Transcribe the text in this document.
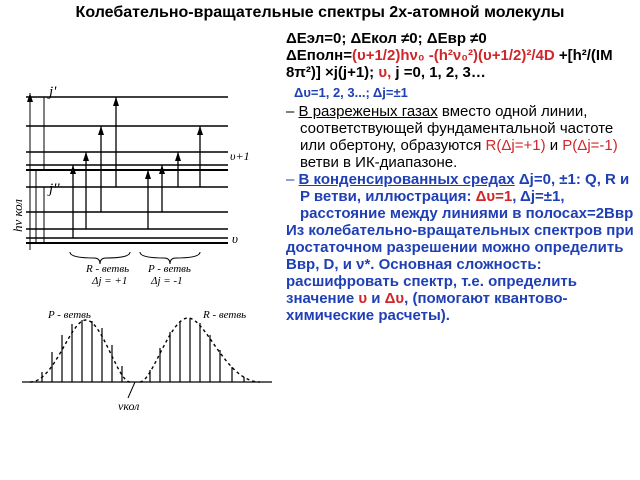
Колебательно-вращательные спектры 2х-атомной молекулы
j'
j''
hν кол
υ+1
υ
R - ветвь P - ветвь
Δj = +1 Δj = -1
P - ветвь	R - ветвь
νкол

ΔEэл=0; ΔEкол ≠0; ΔEвр ≠0

ΔEполн=(υ+1/2)hν₀ -(h²ν₀²)(υ+1/2)²/4D +[h²/(IM 8π²)] ×j(j+1); υ, j =0, 1, 2, 3…

Δυ=1, 2, 3...; Δj=±1

– В разреженых газах вместо одной линии, соответствующей фундаментальной частоте или обертону, образуются R(Δj=+1) и P(Δj=-1) ветви в ИК-диапазоне.

– В конденсированных средах Δj=0, ±1: Q, R и P ветви, иллюстрация: Δυ=1, Δj=±1, расстояние между линиями в полосах=2Bвр

Из колебательно-вращательных спектров при достаточном разрешении можно определить Bвр, D, и ν*. Основная сложность: расшифровать спектр, т.е. определить значение υ и Δυ, (помогают квантово-химические расчеты).
